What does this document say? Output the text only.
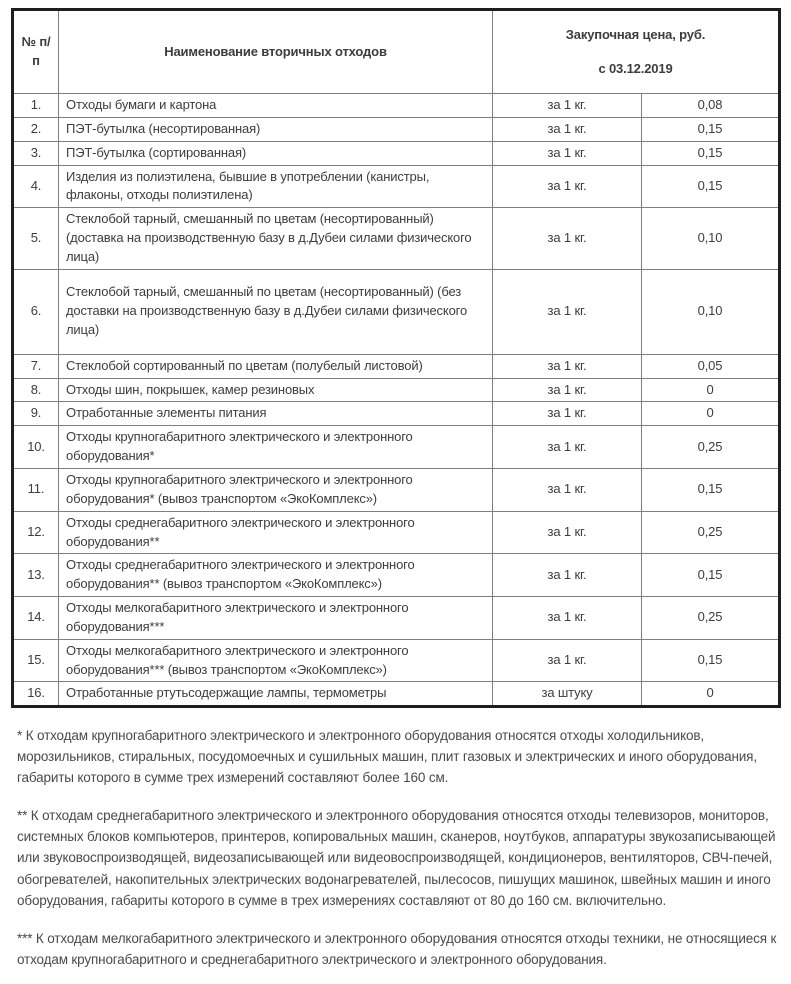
№ п/п	Наименование вторичных отходов	Закупочная цена, руб.
с 03.12.2019	

1.	Отходы бумаги и картона	за 1 кг.	0,08
2.	ПЭТ-бутылка (несортированная)	за 1 кг.	0,15
3.	ПЭТ-бутылка (сортированная)	за 1 кг.	0,15
4.	Изделия из полиэтилена, бывшие в употреблении (канистры, флаконы, отходы полиэтилена)	за 1 кг.	0,15
5.	Стеклобой тарный, смешанный по цветам (несортированный) (доставка на производственную базу в д.Дубеи силами физического лица)	за 1 кг.	0,10
6.	Стеклобой тарный, смешанный по цветам (несортированный) (без доставки на производственную базу в д.Дубеи силами физического лица)	за 1 кг.	0,10
7.	Стеклобой сортированный по цветам (полубелый листовой)	за 1 кг.	0,05
8.	Отходы шин, покрышек, камер резиновых	за 1 кг.	0
9.	Отработанные элементы питания	за 1 кг.	0
10.	Отходы крупногабаритного электрического и электронного оборудования*	за 1 кг.	0,25
11.	Отходы крупногабаритного электрического и электронного оборудования* (вывоз транспортом «ЭкоКомплекс»)	за 1 кг.	0,15
12.	Отходы среднегабаритного электрического и электронного оборудования**	за 1 кг.	0,25
13.	Отходы среднегабаритного электрического и электронного оборудования** (вывоз транспортом «ЭкоКомплекс»)	за 1 кг.	0,15
14.	Отходы мелкогабаритного электрического и электронного оборудования***	за 1 кг.	0,25
15.	Отходы мелкогабаритного электрического и электронного оборудования*** (вывоз транспортом «ЭкоКомплекс»)	за 1 кг.	0,15
16.	Отработанные ртутьсодержащие лампы, термометры	за штуку	0

* К отходам крупногабаритного электрического и электронного оборудования относятся отходы холодильников, морозильников, стиральных, посудомоечных и сушильных машин, плит газовых и электрических и иного оборудования, габариты которого в сумме трех измерений составляют более 160 см.

** К отходам среднегабаритного электрического и электронного оборудования относятся отходы телевизоров, мониторов, системных блоков компьютеров, принтеров, копировальных машин, сканеров, ноутбуков, аппаратуры звукозаписывающей или звуковоспроизводящей, видеозаписывающей или видеовоспроизводящей, кондиционеров, вентиляторов, СВЧ-печей, обогревателей, накопительных электрических водонагревателей, пылесосов, пишущих машинок, швейных машин и иного оборудования, габариты которого в сумме в трех измерениях составляют от 80 до 160 см. включительно.

*** К отходам мелкогабаритного электрического и электронного оборудования относятся отходы техники, не относящиеся к отходам крупногабаритного и среднегабаритного электрического и электронного оборудования.
